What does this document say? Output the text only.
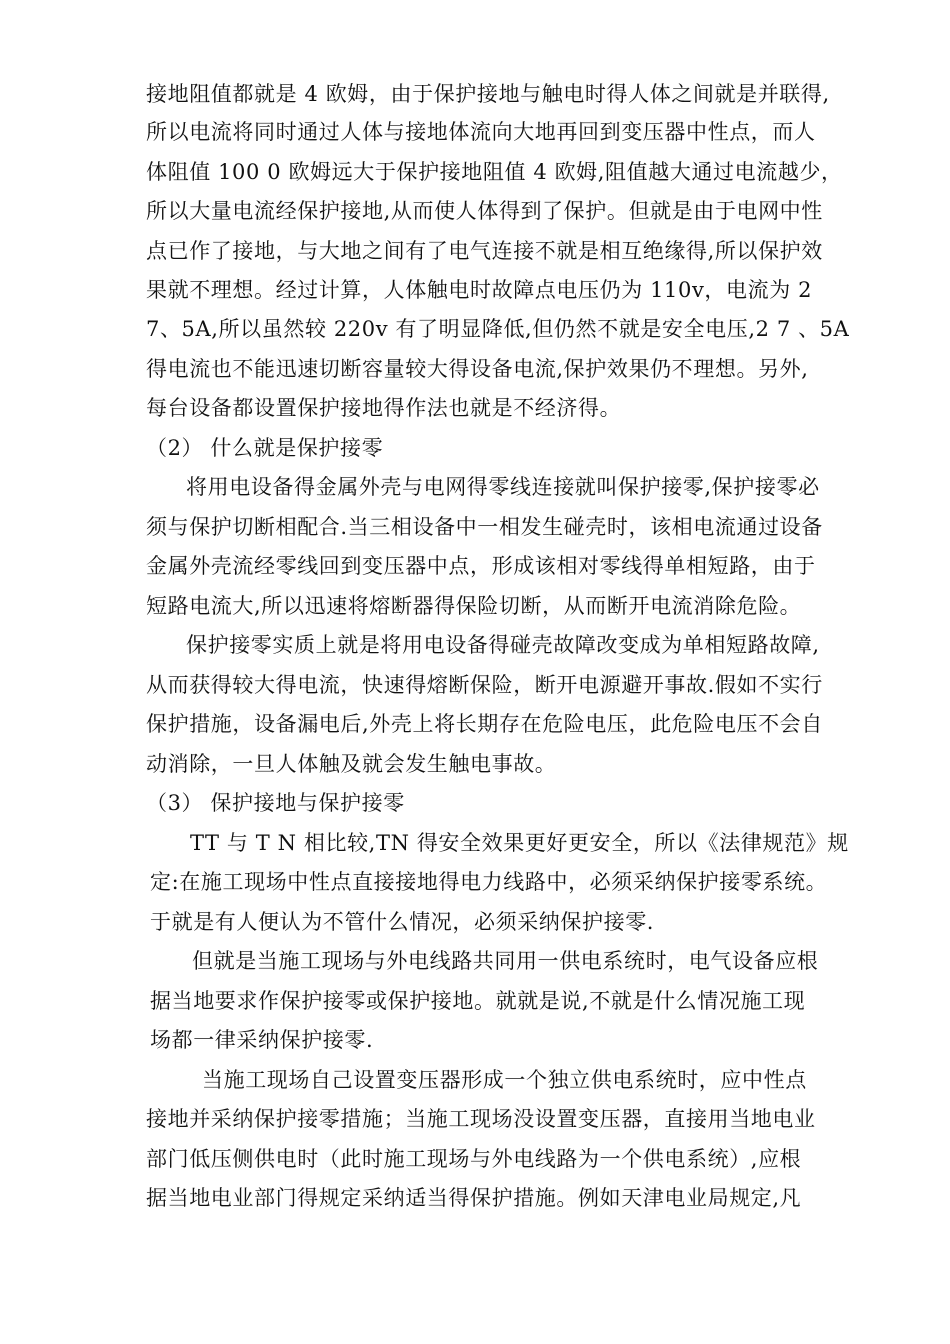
接地阻值都就是 4 欧姆，由于保护接地与触电时得人体之间就是并联得,
所以电流将同时通过人体与接地体流向大地再回到变压器中性点，而人
体阻值 100 0 欧姆远大于保护接地阻值 4 欧姆,阻值越大通过电流越少，
所以大量电流经保护接地,从而使人体得到了保护。但就是由于电网中性
点已作了接地，与大地之间有了电气连接不就是相互绝缘得,所以保护效
果就不理想。经过计算，人体触电时故障点电压仍为 110v，电流为 2
7、5A,所以虽然较 220v 有了明显降低,但仍然不就是安全电压,2 7 、5A
得电流也不能迅速切断容量较大得设备电流,保护效果仍不理想。另外,
每台设备都设置保护接地得作法也就是不经济得。
（2） 什么就是保护接零
将用电设备得金属外壳与电网得零线连接就叫保护接零,保护接零必
须与保护切断相配合.当三相设备中一相发生碰壳时，该相电流通过设备
金属外壳流经零线回到变压器中点，形成该相对零线得单相短路，由于
短路电流大,所以迅速将熔断器得保险切断，从而断开电流消除危险。
保护接零实质上就是将用电设备得碰壳故障改变成为单相短路故障,
从而获得较大得电流，快速得熔断保险，断开电源避开事故.假如不实行
保护措施，设备漏电后,外壳上将长期存在危险电压，此危险电压不会自
动消除，一旦人体触及就会发生触电事故。
（3） 保护接地与保护接零
TT 与 T N 相比较,TN 得安全效果更好更安全，所以《法律规范》规
定:在施工现场中性点直接接地得电力线路中，必须采纳保护接零系统。
于就是有人便认为不管什么情况，必须采纳保护接零.
但就是当施工现场与外电线路共同用一供电系统时，电气设备应根
据当地要求作保护接零或保护接地。就就是说,不就是什么情况施工现
场都一律采纳保护接零.
当施工现场自己设置变压器形成一个独立供电系统时，应中性点
接地并采纳保护接零措施；当施工现场没设置变压器，直接用当地电业
部门低压侧供电时（此时施工现场与外电线路为一个供电系统）,应根
据当地电业部门得规定采纳适当得保护措施。例如天津电业局规定,凡
